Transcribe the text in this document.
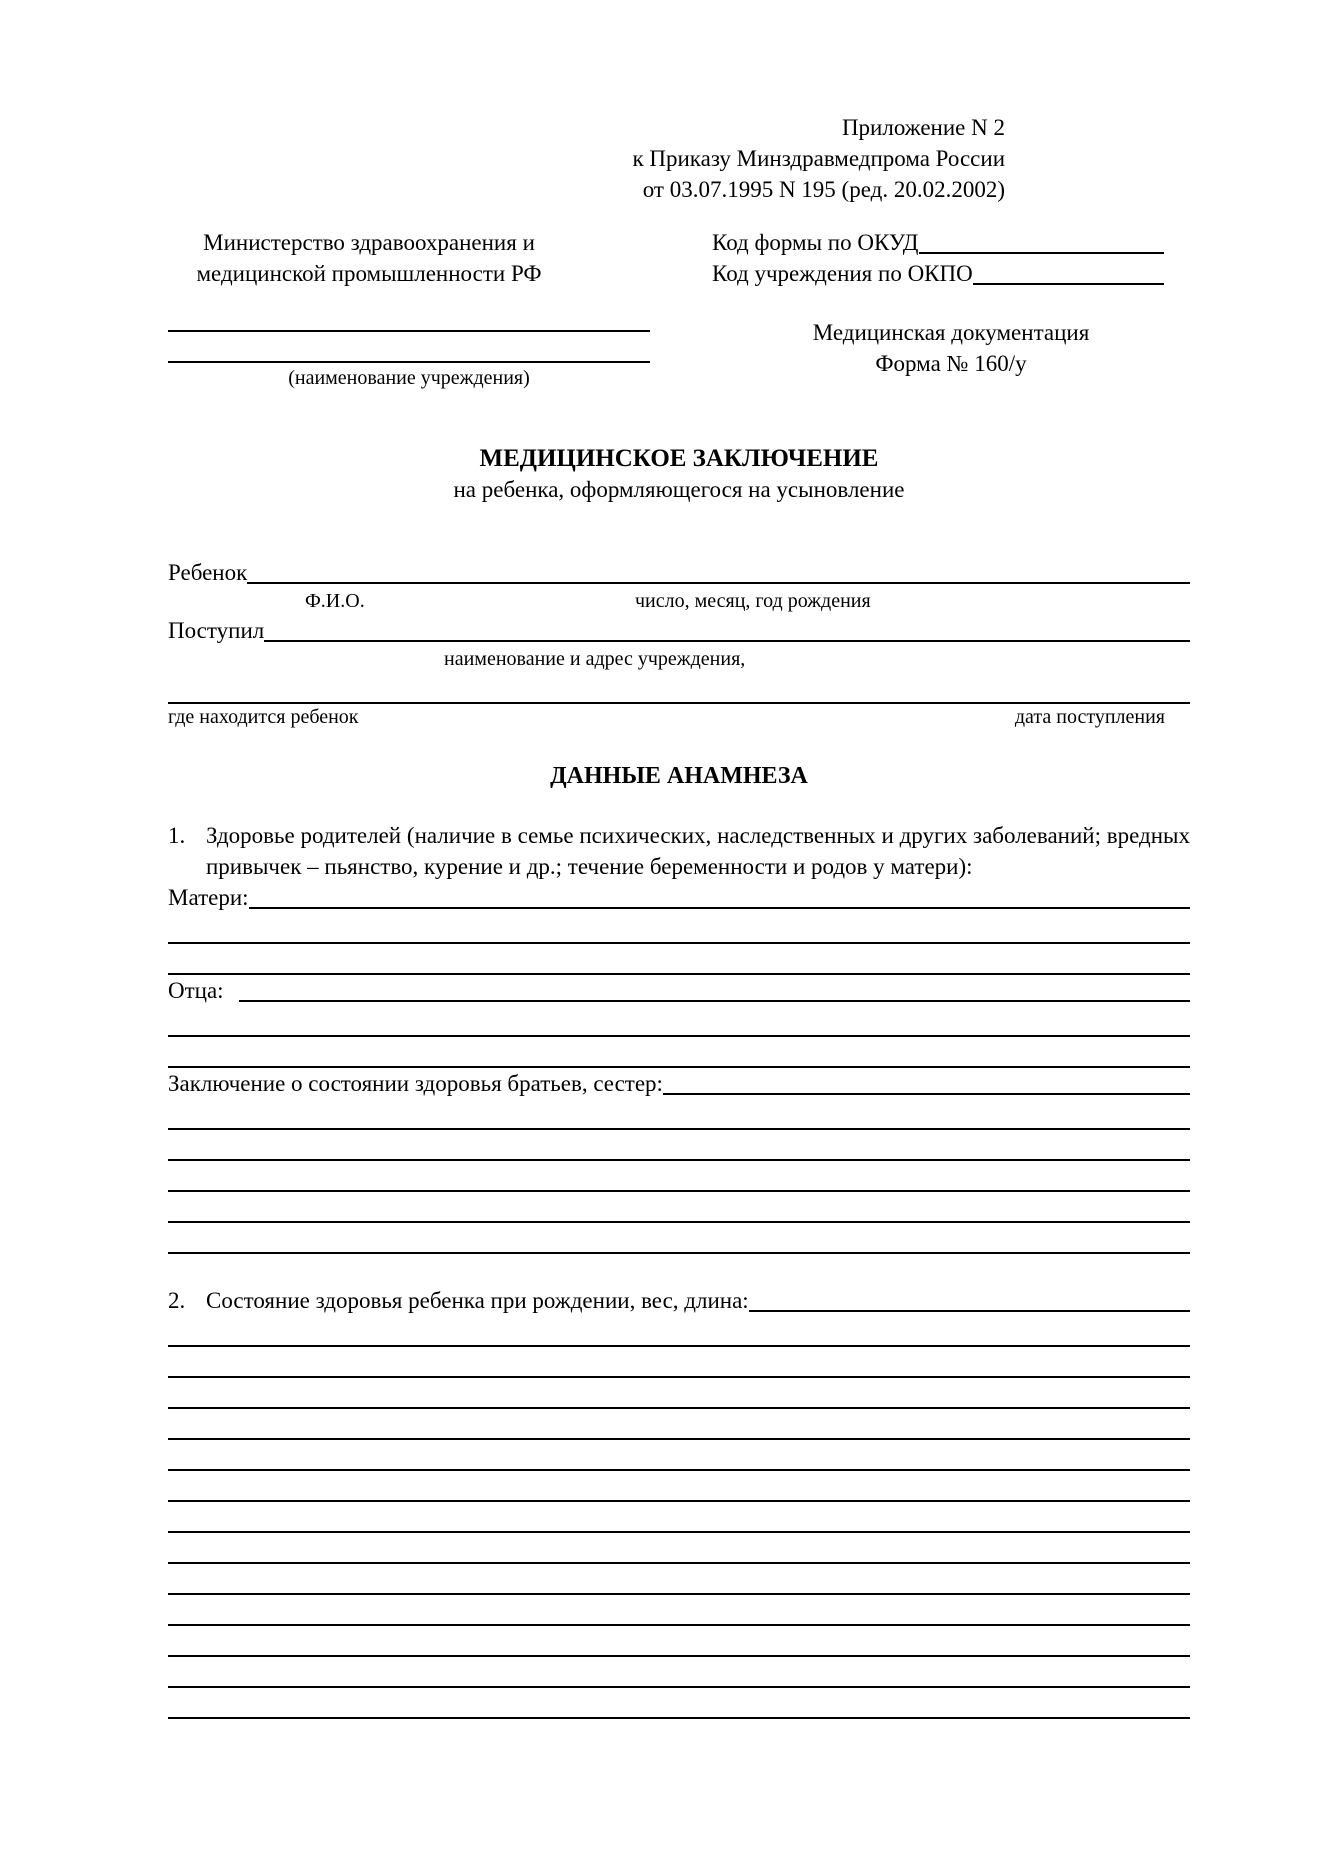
Приложение N 2
к Приказу Минздравмедпрома России
от 03.07.1995 N 195 (ред. 20.02.2002)
Министерство здравоохранения и
медицинской промышленности РФ
(наименование учреждения)
Код формы по ОКУД
Код учреждения по ОКПО
Медицинская документация
Форма № 160/у
МЕДИЦИНСКОЕ ЗАКЛЮЧЕНИЕ
на ребенка, оформляющегося на усыновление
Ребенок
Ф.И.О.	число, месяц, год рождения
Поступил
наименование и адрес учреждения,
где находится ребенок	дата поступления
ДАННЫЕ АНАМНЕЗА
1. Здоровье родителей (наличие в семье психических, наследственных и других заболеваний; вредных привычек – пьянство, курение и др.; течение беременности и родов у матери):
Матери:
Отца:
Заключение о состоянии здоровья братьев, сестер:
2. Состояние здоровья ребенка при рождении, вес, длина:
